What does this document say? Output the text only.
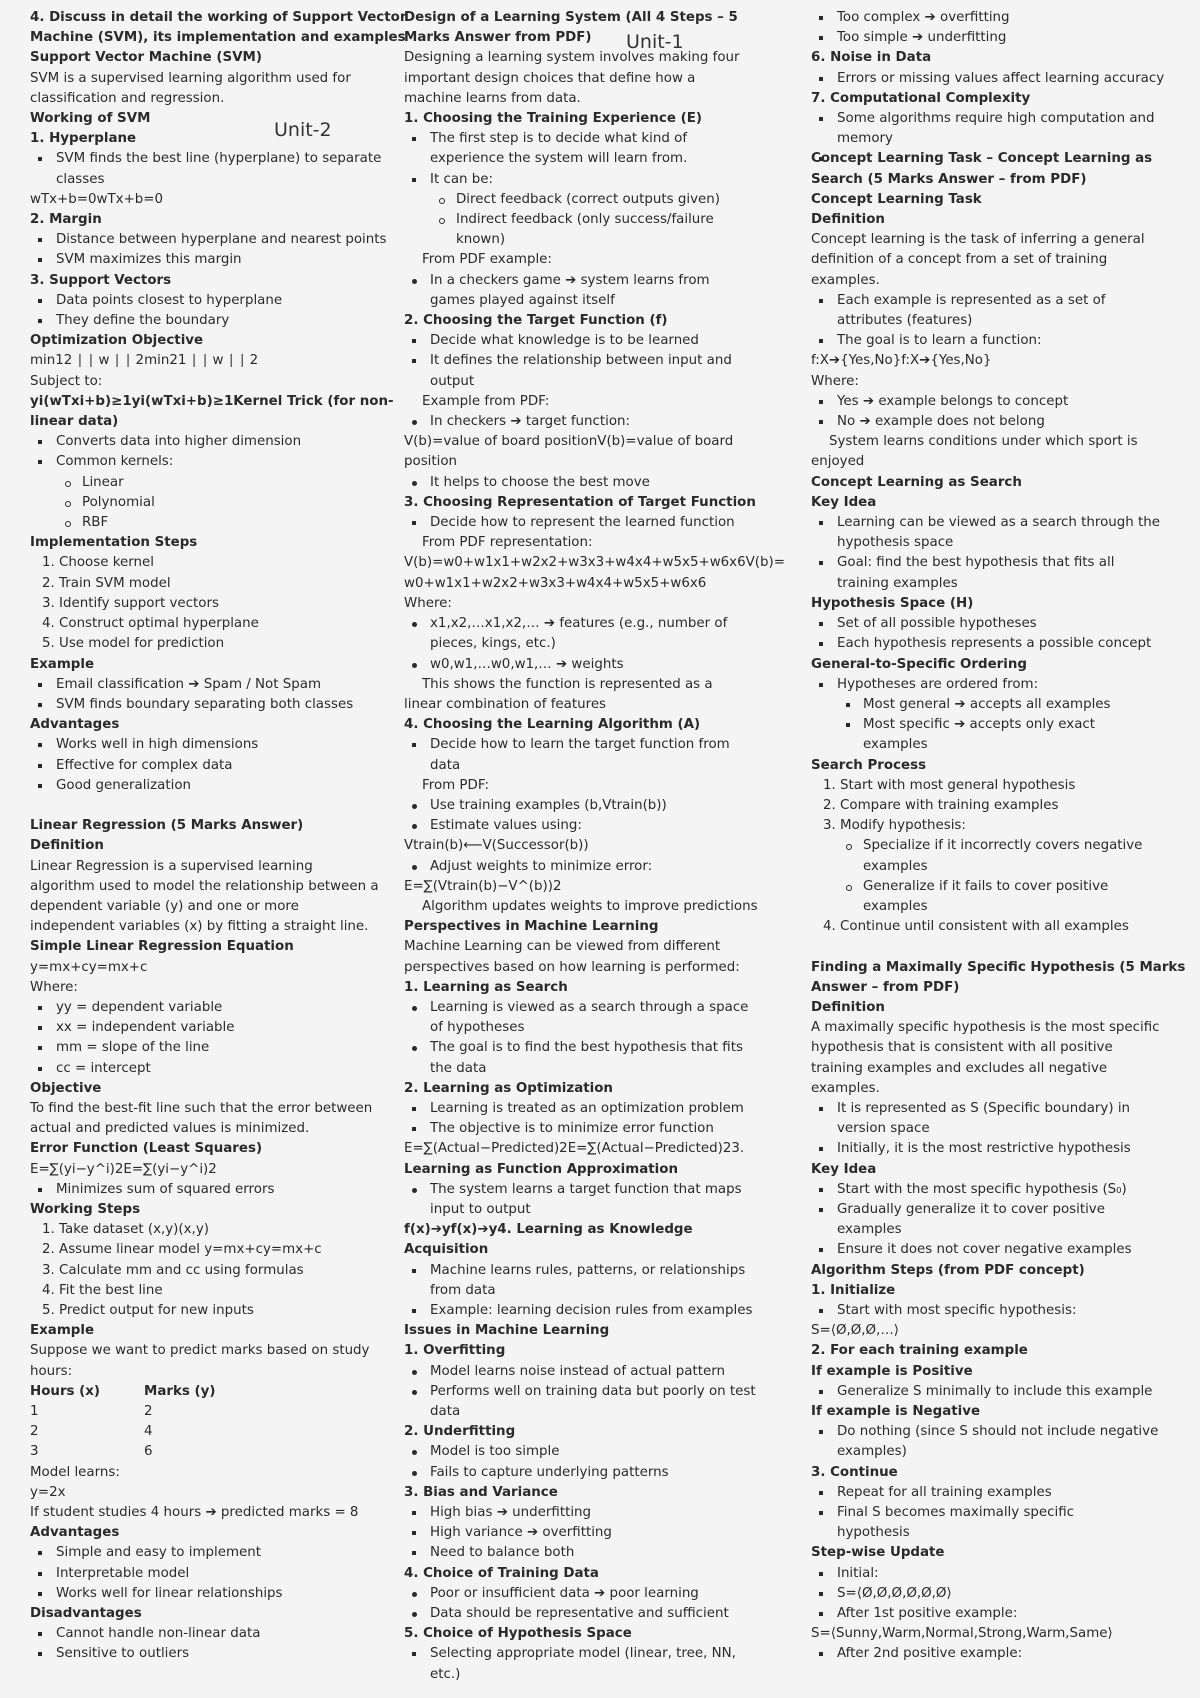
4. Discuss in detail the working of Support Vector
Machine (SVM), its implementation and examples
Support Vector Machine (SVM)
SVM is a supervised learning algorithm used for
classification and regression.
Working of SVM
1. Hyperplane
SVM finds the best line (hyperplane) to separate
classes
wTx+b=0wTx+b=0
2. Margin
Distance between hyperplane and nearest points
SVM maximizes this margin
3. Support Vectors
Data points closest to hyperplane
They define the boundary
Optimization Objective
min12 ∣ ∣ w ∣ ∣ 2min21 ∣ ∣ w ∣ ∣ 2
Subject to:
yi(wTxi+b)≥1yi(wTxi+b)≥1Kernel Trick (for non-
linear data)
Converts data into higher dimension
Common kernels:
Linear
Polynomial
RBF
Implementation Steps
1. Choose kernel
2. Train SVM model
3. Identify support vectors
4. Construct optimal hyperplane
5. Use model for prediction
Example
Email classification ➔ Spam / Not Spam
SVM finds boundary separating both classes
Advantages
Works well in high dimensions
Effective for complex data
Good generalization
Linear Regression (5 Marks Answer)
Definition
Linear Regression is a supervised learning
algorithm used to model the relationship between a
dependent variable (y) and one or more
independent variables (x) by fitting a straight line.
Simple Linear Regression Equation
y=mx+cy=mx+c
Where:
yy = dependent variable
xx = independent variable
mm = slope of the line
cc = intercept
Objective
To find the best-fit line such that the error between
actual and predicted values is minimized.
Error Function (Least Squares)
E=∑(yi−y^i)2E=∑(yi−y^i)2
Minimizes sum of squared errors
Working Steps
1. Take dataset (x,y)(x,y)
2. Assume linear model y=mx+cy=mx+c
3. Calculate mm and cc using formulas
4. Fit the best line
5. Predict output for new inputs
Example
Suppose we want to predict marks based on study
hours:
Hours (x)	Marks (y)
1	2
2	4
3	6
Model learns:
y=2x
If student studies 4 hours ➔ predicted marks = 8
Advantages
Simple and easy to implement
Interpretable model
Works well for linear relationships
Disadvantages
Cannot handle non-linear data
Sensitive to outliers
Design of a Learning System (All 4 Steps – 5
Marks Answer from PDF)
Designing a learning system involves making four
important design choices that define how a
machine learns from data.
1. Choosing the Training Experience (E)
The first step is to decide what kind of
experience the system will learn from.
It can be:
Direct feedback (correct outputs given)
Indirect feedback (only success/failure
known)
From PDF example:
In a checkers game ➔ system learns from
games played against itself
2. Choosing the Target Function (f)
Decide what knowledge is to be learned
It defines the relationship between input and
output
Example from PDF:
In checkers ➔ target function:
V(b)=value of board positionV(b)=value of board
position
It helps to choose the best move
3. Choosing Representation of Target Function
Decide how to represent the learned function
From PDF representation:
V(b)=w0+w1x1+w2x2+w3x3+w4x4+w5x5+w6x6V(b)=
w0+w1x1+w2x2+w3x3+w4x4+w5x5+w6x6
Where:
x1,x2,…x1,x2,… ➔ features (e.g., number of
pieces, kings, etc.)
w0,w1,…w0,w1,… ➔ weights
This shows the function is represented as a
linear combination of features
4. Choosing the Learning Algorithm (A)
Decide how to learn the target function from
data
From PDF:
Use training examples (b,Vtrain(b))
Estimate values using:
Vtrain(b)⟵V(Successor(b))
Adjust weights to minimize error:
E=∑(Vtrain(b)−V^(b))2
Algorithm updates weights to improve predictions
Perspectives in Machine Learning
Machine Learning can be viewed from different
perspectives based on how learning is performed:
1. Learning as Search
Learning is viewed as a search through a space
of hypotheses
The goal is to find the best hypothesis that fits
the data
2. Learning as Optimization
Learning is treated as an optimization problem
The objective is to minimize error function
E=∑(Actual−Predicted)2E=∑(Actual−Predicted)23.
Learning as Function Approximation
The system learns a target function that maps
input to output
f(x)➔yf(x)➔y4. Learning as Knowledge
Acquisition
Machine learns rules, patterns, or relationships
from data
Example: learning decision rules from examples
Issues in Machine Learning
1. Overfitting
Model learns noise instead of actual pattern
Performs well on training data but poorly on test
data
2. Underfitting
Model is too simple
Fails to capture underlying patterns
3. Bias and Variance
High bias ➔ underfitting
High variance ➔ overfitting
Need to balance both
4. Choice of Training Data
Poor or insufficient data ➔ poor learning
Data should be representative and sufficient
5. Choice of Hypothesis Space
Selecting appropriate model (linear, tree, NN,
etc.)
Too complex ➔ overfitting
Too simple ➔ underfitting
6. Noise in Data
Errors or missing values affect learning accuracy
7. Computational Complexity
Some algorithms require high computation and
memory
Concept Learning Task – Concept Learning as
Search (5 Marks Answer – from PDF)
Concept Learning Task
Definition
Concept learning is the task of inferring a general
definition of a concept from a set of training
examples.
Each example is represented as a set of
attributes (features)
The goal is to learn a function:
f:X➔{Yes,No}f:X➔{Yes,No}
Where:
Yes ➔ example belongs to concept
No ➔ example does not belong
System learns conditions under which sport is
enjoyed
Concept Learning as Search
Key Idea
Learning can be viewed as a search through the
hypothesis space
Goal: find the best hypothesis that fits all
training examples
Hypothesis Space (H)
Set of all possible hypotheses
Each hypothesis represents a possible concept
General-to-Specific Ordering
Hypotheses are ordered from:
Most general ➔ accepts all examples
Most specific ➔ accepts only exact
examples
Search Process
1. Start with most general hypothesis
2. Compare with training examples
3. Modify hypothesis:
Specialize if it incorrectly covers negative
examples
Generalize if it fails to cover positive
examples
4. Continue until consistent with all examples
Finding a Maximally Specific Hypothesis (5 Marks
Answer – from PDF)
Definition
A maximally specific hypothesis is the most specific
hypothesis that is consistent with all positive
training examples and excludes all negative
examples.
It is represented as S (Specific boundary) in
version space
Initially, it is the most restrictive hypothesis
Key Idea
Start with the most specific hypothesis (S₀)
Gradually generalize it to cover positive
examples
Ensure it does not cover negative examples
Algorithm Steps (from PDF concept)
1. Initialize
Start with most specific hypothesis:
S=⟨Ø,Ø,Ø,…⟩
2. For each training example
If example is Positive
Generalize S minimally to include this example
If example is Negative
Do nothing (since S should not include negative
examples)
3. Continue
Repeat for all training examples
Final S becomes maximally specific
hypothesis
Step-wise Update
Initial:
S=⟨Ø,Ø,Ø,Ø,Ø,Ø⟩
After 1st positive example:
S=⟨Sunny,Warm,Normal,Strong,Warm,Same⟩
After 2nd positive example:
Unit-2
Unit-1
